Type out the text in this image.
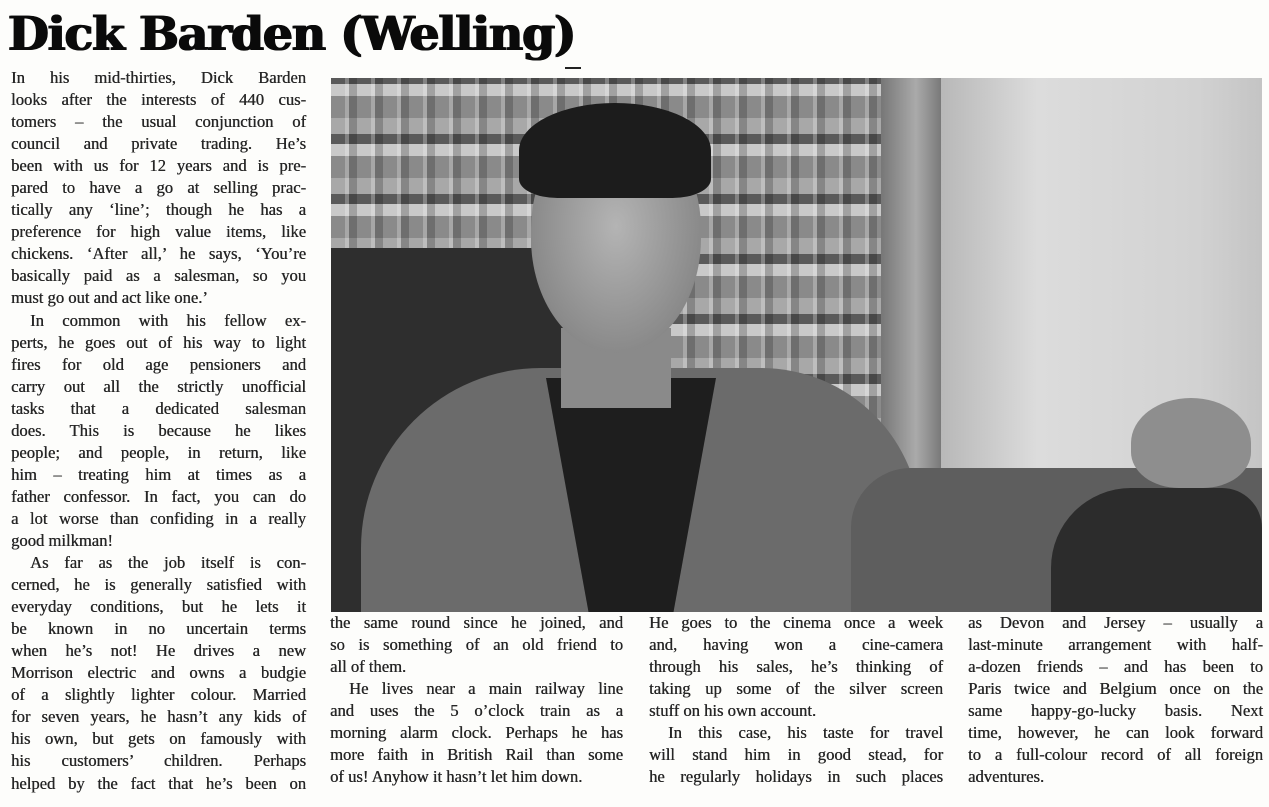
Dick Barden (Welling)
In his mid-thirties, Dick Barden
looks after the interests of 440 cus-
tomers – the usual conjunction of
council and private trading. He’s
been with us for 12 years and is pre-
pared to have a go at selling prac-
tically any ‘line’; though he has a
preference for high value items, like
chickens. ‘After all,’ he says, ‘You’re
basically paid as a salesman, so you
must go out and act like one.’
In common with his fellow ex-
perts, he goes out of his way to light
fires for old age pensioners and
carry out all the strictly unofficial
tasks that a dedicated salesman
does. This is because he likes
people; and people, in return, like
him – treating him at times as a
father confessor. In fact, you can do
a lot worse than confiding in a really
good milkman!
As far as the job itself is con-
cerned, he is generally satisfied with
everyday conditions, but he lets it
be known in no uncertain terms
when he’s not! He drives a new
Morrison electric and owns a budgie
of a slightly lighter colour. Married
for seven years, he hasn’t any kids of
his own, but gets on famously with
his customers’ children. Perhaps
helped by the fact that he’s been on
the same round since he joined, and
so is something of an old friend to
all of them.
He lives near a main railway line
and uses the 5 o’clock train as a
morning alarm clock. Perhaps he has
more faith in British Rail than some
of us! Anyhow it hasn’t let him down.
He goes to the cinema once a week
and, having won a cine-camera
through his sales, he’s thinking of
taking up some of the silver screen
stuff on his own account.
In this case, his taste for travel
will stand him in good stead, for
he regularly holidays in such places
as Devon and Jersey – usually a
last-minute arrangement with half-
a-dozen friends – and has been to
Paris twice and Belgium once on the
same happy-go-lucky basis. Next
time, however, he can look forward
to a full-colour record of all foreign
adventures.
